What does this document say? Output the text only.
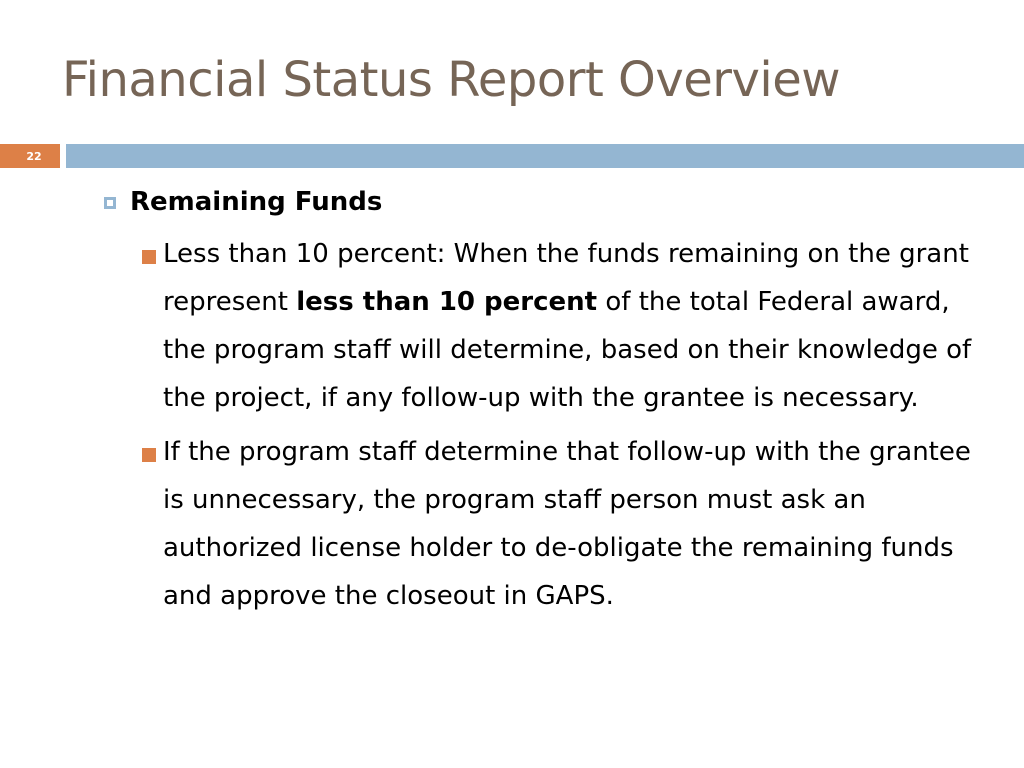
Financial Status Report Overview
22
Remaining Funds
Less than 10 percent: When the funds remaining on the grant represent less than 10 percent of the total Federal award, the program staff will determine, based on their knowledge of the project, if any follow-up with the grantee is necessary.
If the program staff determine that follow-up with the grantee is unnecessary, the program staff person must ask an authorized license holder to de-obligate the remaining funds and approve the closeout in GAPS.
